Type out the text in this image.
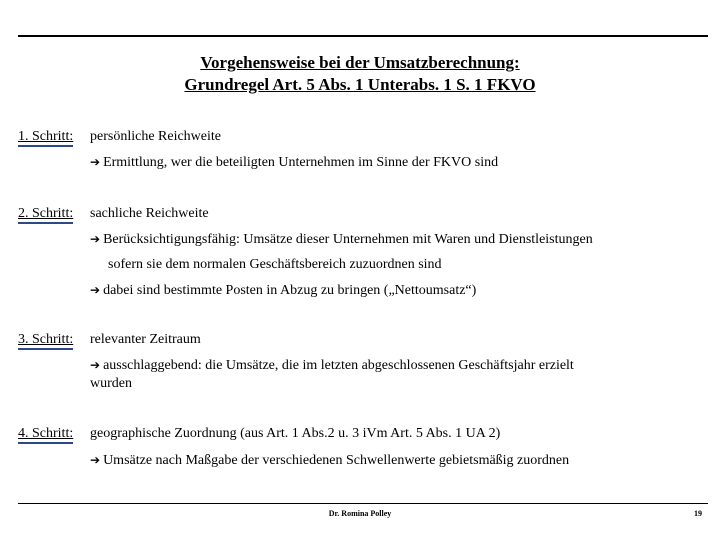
Vorgehensweise bei der Umsatzberechnung:
Grundregel Art. 5 Abs. 1 Unterabs. 1 S. 1 FKVO
1. Schritt: persönliche Reichweite
➔ Ermittlung, wer die beteiligten Unternehmen im Sinne der FKVO sind
2. Schritt: sachliche Reichweite
➔ Berücksichtigungsfähig: Umsätze dieser Unternehmen mit Waren und Dienstleistungen
sofern sie dem normalen Geschäftsbereich zuzuordnen sind
➔ dabei sind bestimmte Posten in Abzug zu bringen („Nettoumsatz“)
3. Schritt: relevanter Zeitraum
➔ ausschlaggebend: die Umsätze, die im letzten abgeschlossenen Geschäftsjahr erzielt
wurden
4. Schritt: geographische Zuordnung (aus Art. 1 Abs.2 u. 3 iVm Art. 5 Abs. 1 UA 2)
➔ Umsätze nach Maßgabe der verschiedenen Schwellenwerte gebietsmäßig zuordnen
Dr. Romina Polley	19
